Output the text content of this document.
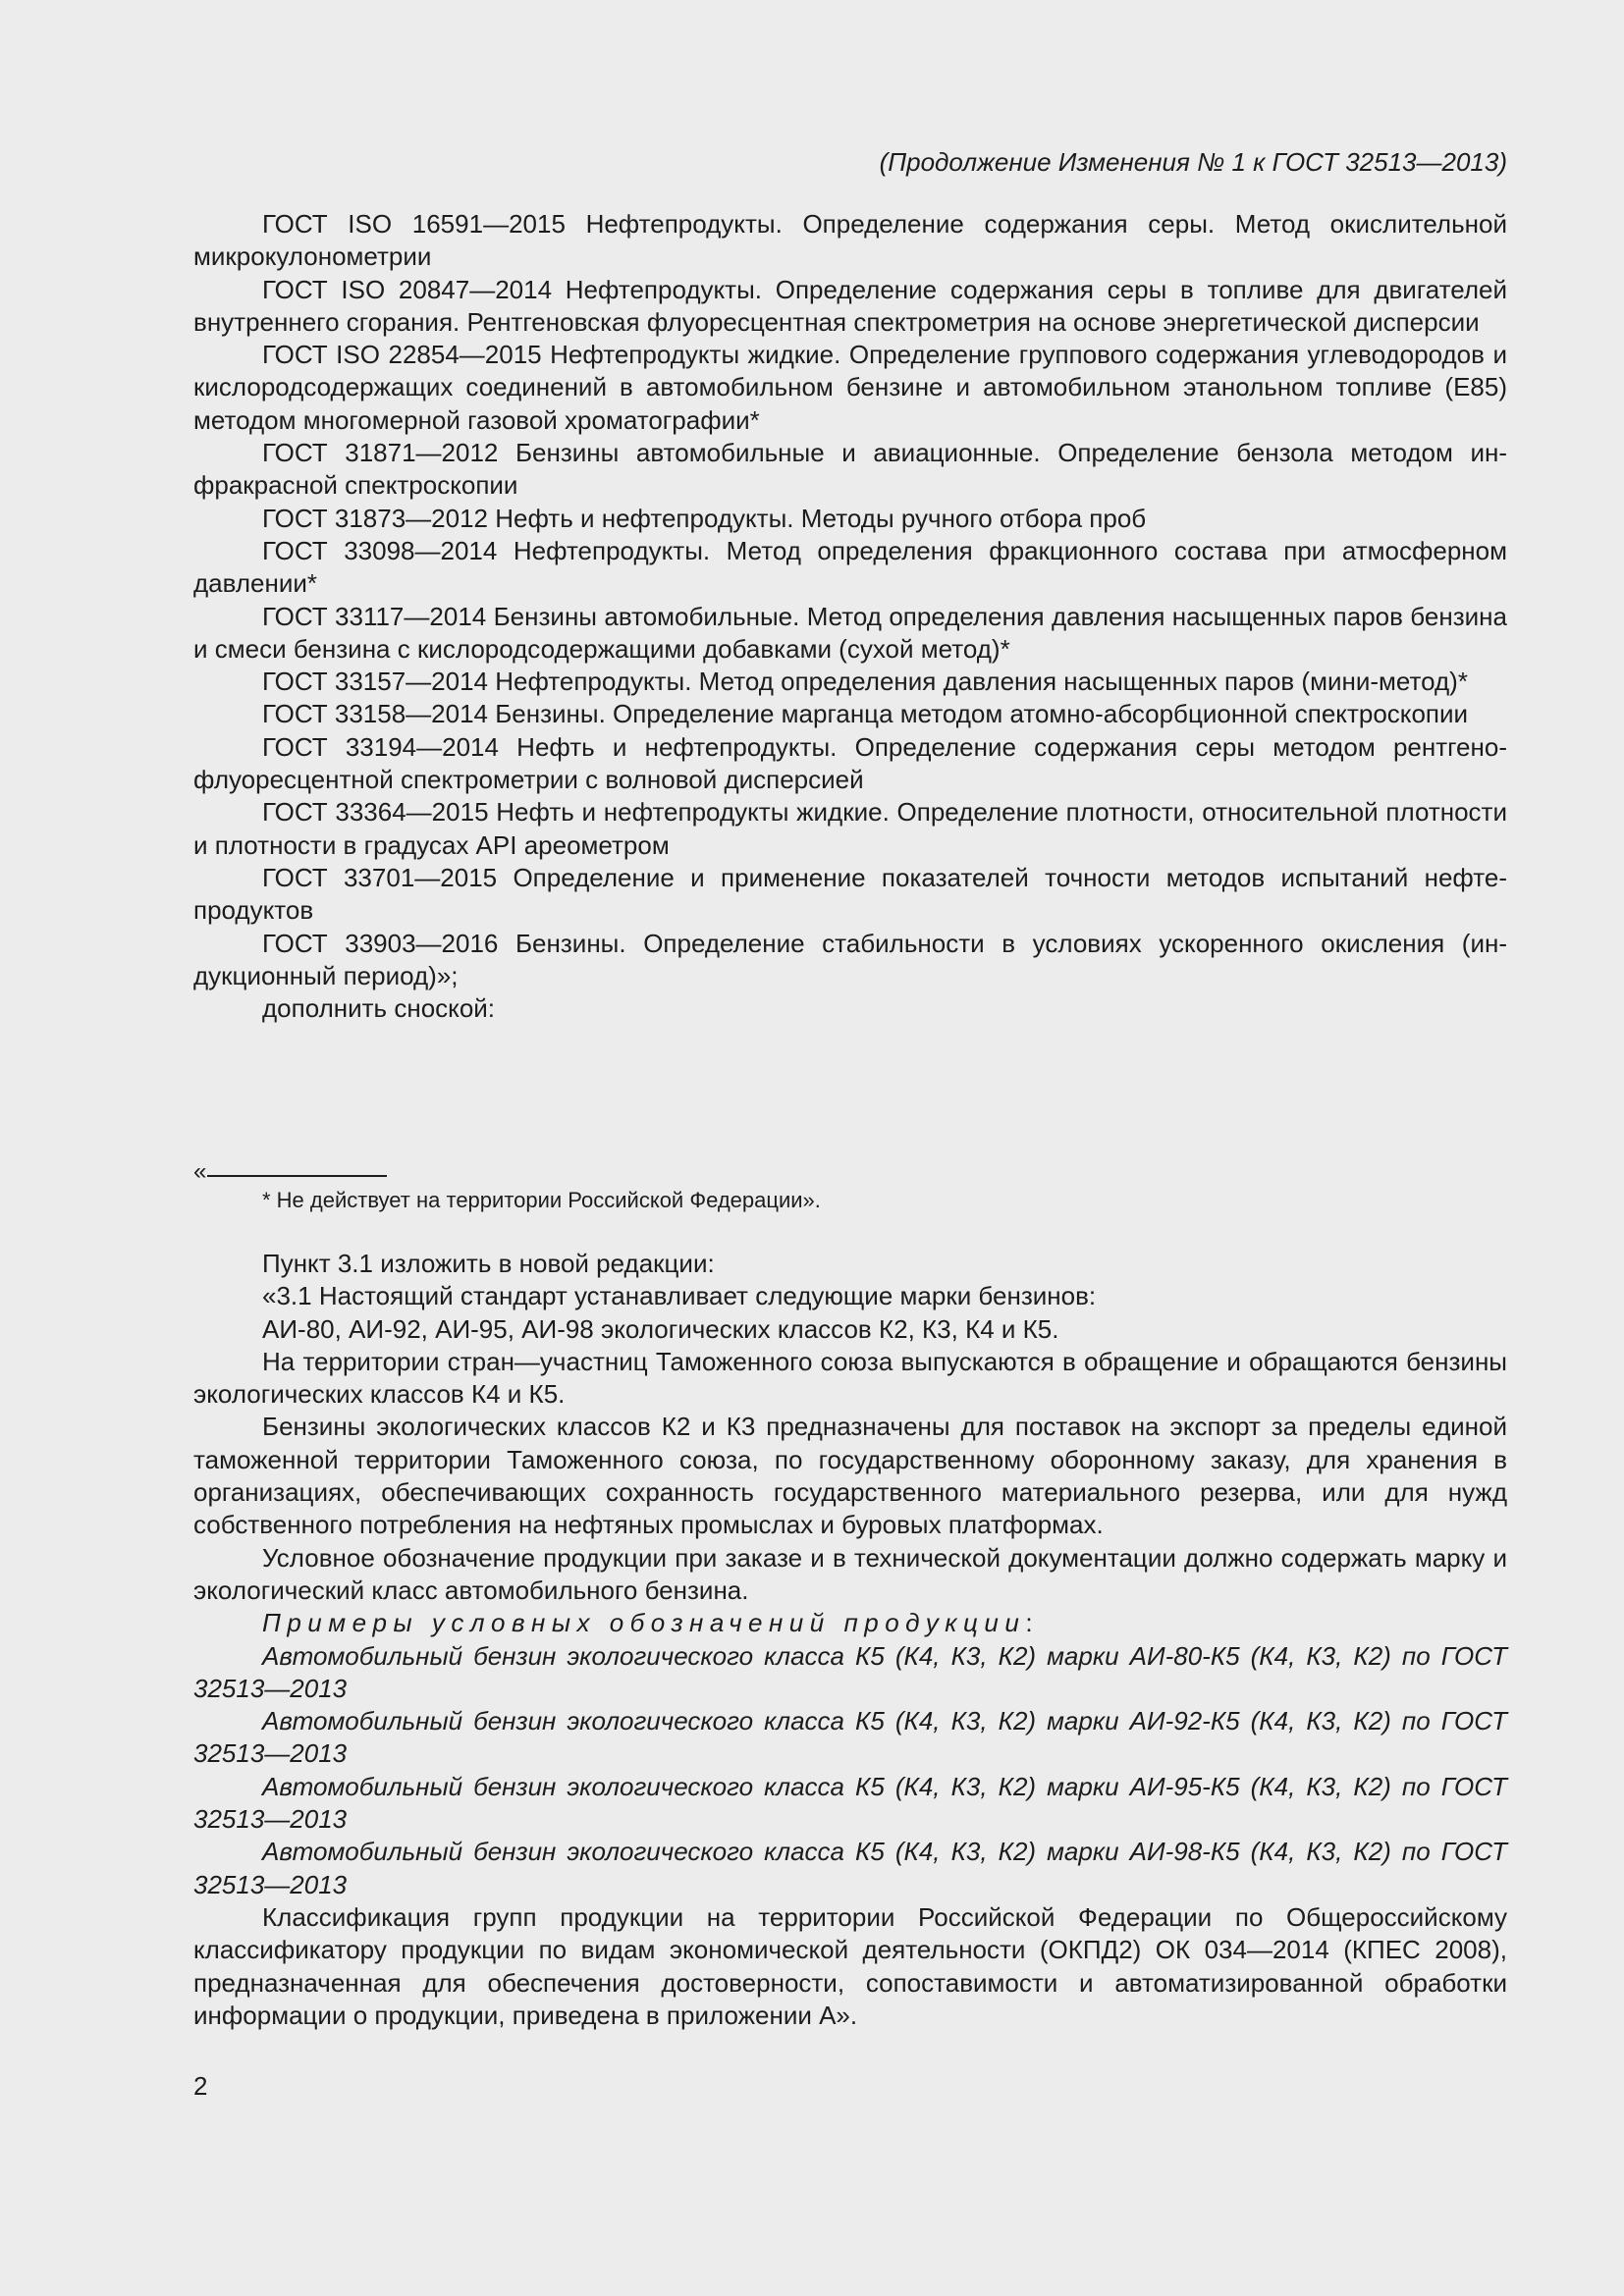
(Продолжение Изменения № 1 к ГОСТ 32513—2013)

ГОСТ ISO 16591—2015 Нефтепродукты. Определение содержания серы. Метод окислительной микрокулонометрии

ГОСТ ISO 20847—2014 Нефтепродукты. Определение содержания серы в топливе для двигателей внутреннего сгорания. Рентгеновская флуоресцентная спектрометрия на основе энергетической дисперсии

ГОСТ ISO 22854—2015 Нефтепродукты жидкие. Определение группового содержания углеводородов и кислородсодержащих соединений в автомобильном бензине и автомобильном этанольном топливе (Е85) методом многомерной газовой хроматографии*

ГОСТ 31871—2012 Бензины автомобильные и авиационные. Определение бензола методом инфракрасной спектроскопии

ГОСТ 31873—2012 Нефть и нефтепродукты. Методы ручного отбора проб

ГОСТ 33098—2014 Нефтепродукты. Метод определения фракционного состава при атмосферном давлении*

ГОСТ 33117—2014 Бензины автомобильные. Метод определения давления насыщенных паров бензина и смеси бензина с кислородсодержащими добавками (сухой метод)*

ГОСТ 33157—2014 Нефтепродукты. Метод определения давления насыщенных паров (мини-метод)*

ГОСТ 33158—2014 Бензины. Определение марганца методом атомно-абсорбционной спектроскопии

ГОСТ 33194—2014 Нефть и нефтепродукты. Определение содержания серы методом рентгенофлуоресцентной спектрометрии с волновой дисперсией

ГОСТ 33364—2015 Нефть и нефтепродукты жидкие. Определение плотности, относительной плотности и плотности в градусах API ареометром

ГОСТ 33701—2015 Определение и применение показателей точности методов испытаний нефтепродуктов

ГОСТ 33903—2016 Бензины. Определение стабильности в условиях ускоренного окисления (индукционный период)»;

дополнить сноской:

«
* Не действует на территории Российской Федерации».

Пункт 3.1 изложить в новой редакции:

«3.1 Настоящий стандарт устанавливает следующие марки бензинов:

АИ-80, АИ-92, АИ-95, АИ-98 экологических классов К2, К3, К4 и К5.

На территории стран—участниц Таможенного союза выпускаются в обращение и обращаются бензины экологических классов К4 и К5.

Бензины экологических классов К2 и К3 предназначены для поставок на экспорт за пределы единой таможенной территории Таможенного союза, по государственному оборонному заказу, для хранения в организациях, обеспечивающих сохранность государственного материального резерва, или для нужд собственного потребления на нефтяных промыслах и буровых платформах.

Условное обозначение продукции при заказе и в технической документации должно содержать марку и экологический класс автомобильного бензина.

Примеры условных обозначений продукции:

Автомобильный бензин экологического класса К5 (К4, К3, К2) марки АИ-80-К5 (К4, К3, К2) по ГОСТ 32513—2013

Автомобильный бензин экологического класса К5 (К4, К3, К2) марки АИ-92-К5 (К4, К3, К2) по ГОСТ 32513—2013

Автомобильный бензин экологического класса К5 (К4, К3, К2) марки АИ-95-К5 (К4, К3, К2) по ГОСТ 32513—2013

Автомобильный бензин экологического класса К5 (К4, К3, К2) марки АИ-98-К5 (К4, К3, К2) по ГОСТ 32513—2013

Классификация групп продукции на территории Российской Федерации по Общероссийскому классификатору продукции по видам экономической деятельности (ОКПД2) ОК 034—2014 (КПЕС 2008), предназначенная для обеспечения достоверности, сопоставимости и автоматизированной обработки информации о продукции, приведена в приложении А».

2
